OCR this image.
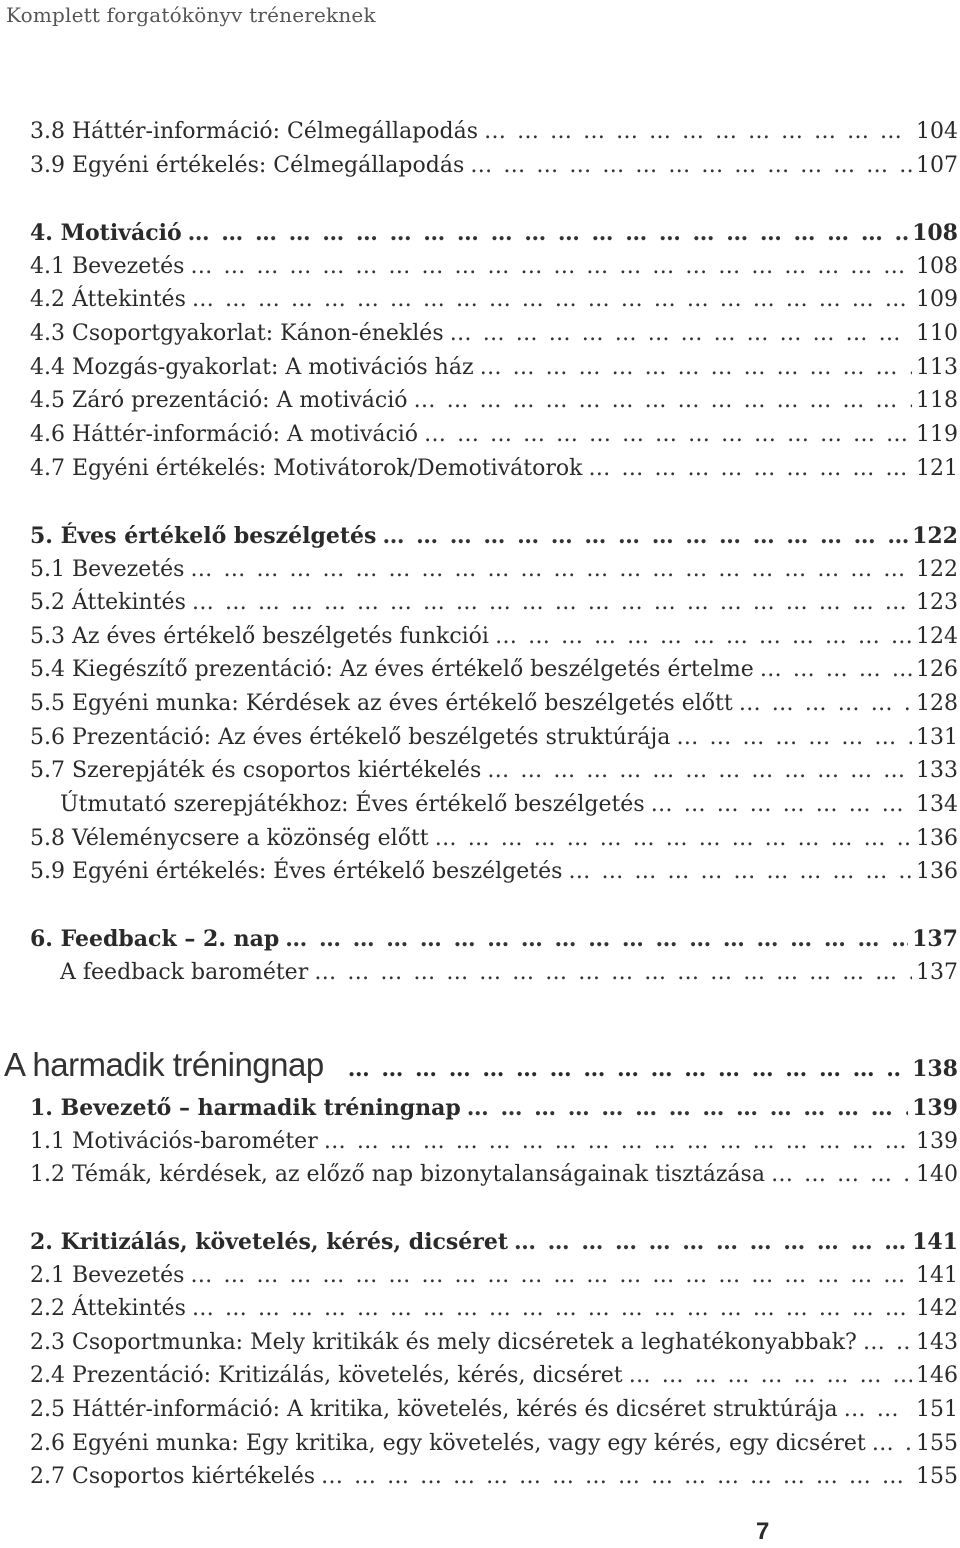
Komplett forgatókönyv trénereknek
3.8 Háttér-információ: Célmegállapodás … … … … … … … … … … … … … … … … … … … … … … … … … … … … … … … … … … … … … … … … … … … … …	104
3.9 Egyéni értékelés: Célmegállapodás … … … … … … … … … … … … … … … … … … … … … … … … … … … … … … … … … … … … … … … … … … … … …	107
4. Motiváció … … … … … … … … … … … … … … … … … … … … … … … … … … … … … … … … … … … … … … … … … … … … …	108
4.1 Bevezetés … … … … … … … … … … … … … … … … … … … … … … … … … … … … … … … … … … … … … … … … … … … … …	108
4.2 Áttekintés … … … … … … … … … … … … … … … … … … … … … … … … … … … … … … … … … … … … … … … … … … … … …	109
4.3 Csoportgyakorlat: Kánon-éneklés … … … … … … … … … … … … … … … … … … … … … … … … … … … … … … … … … … … … … … … … … … … … …	110
4.4 Mozgás-gyakorlat: A motivációs ház … … … … … … … … … … … … … … … … … … … … … … … … … … … … … … … … … … … … … … … … … … … … …	113
4.5 Záró prezentáció: A motiváció … … … … … … … … … … … … … … … … … … … … … … … … … … … … … … … … … … … … … … … … … … … … …	118
4.6 Háttér-információ: A motiváció … … … … … … … … … … … … … … … … … … … … … … … … … … … … … … … … … … … … … … … … … … … … …	119
4.7 Egyéni értékelés: Motivátorok/Demotivátorok … … … … … … … … … … … … … … … … … … … … … … … … … … … … … … … … … … … … … … … … … … … … …	121
5. Éves értékelő beszélgetés … … … … … … … … … … … … … … … … … … … … … … … … … … … … … … … … … … … … … … … … … … … … …	122
5.1 Bevezetés … … … … … … … … … … … … … … … … … … … … … … … … … … … … … … … … … … … … … … … … … … … … …	122
5.2 Áttekintés … … … … … … … … … … … … … … … … … … … … … … … … … … … … … … … … … … … … … … … … … … … … …	123
5.3 Az éves értékelő beszélgetés funkciói … … … … … … … … … … … … … … … … … … … … … … … … … … … … … … … … … … … … … … … … … … … … …	124
5.4 Kiegészítő prezentáció: Az éves értékelő beszélgetés értelme … … … … … … … … … … … … … … … … … … … … … … … … … … … … … … … … … … … … … … … … … … … … …	126
5.5 Egyéni munka: Kérdések az éves értékelő beszélgetés előtt … … … … … … … … … … … … … … … … … … … … … … … … … … … … … … … … … … … … … … … … … … … … …	128
5.6 Prezentáció: Az éves értékelő beszélgetés struktúrája … … … … … … … … … … … … … … … … … … … … … … … … … … … … … … … … … … … … … … … … … … … … …	131
5.7 Szerepjáték és csoportos kiértékelés … … … … … … … … … … … … … … … … … … … … … … … … … … … … … … … … … … … … … … … … … … … … …	133
Útmutató szerepjátékhoz: Éves értékelő beszélgetés … … … … … … … … … … … … … … … … … … … … … … … … … … … … … … … … … … … … … … … … … … … … …	134
5.8 Véleménycsere a közönség előtt … … … … … … … … … … … … … … … … … … … … … … … … … … … … … … … … … … … … … … … … … … … … …	136
5.9 Egyéni értékelés: Éves értékelő beszélgetés … … … … … … … … … … … … … … … … … … … … … … … … … … … … … … … … … … … … … … … … … … … … …	136
6. Feedback – 2. nap … … … … … … … … … … … … … … … … … … … … … … … … … … … … … … … … … … … … … … … … … … … … …	137
A feedback barométer … … … … … … … … … … … … … … … … … … … … … … … … … … … … … … … … … … … … … … … … … … … … …	137
A harmadik tréningnap … … … … … … … … … … … … … … … … … … … … … … … … … … … … … … … …	138
1. Bevezető – harmadik tréningnap … … … … … … … … … … … … … … … … … … … … … … … … … … … … … … … … … … … … … … … … … … … … …	139
1.1 Motivációs-barométer … … … … … … … … … … … … … … … … … … … … … … … … … … … … … … … … … … … … … … … … … … … … …	139
1.2 Témák, kérdések, az előző nap bizonytalanságainak tisztázása … … … … … … … … … … … … … … … … … … … … … … … … … … … … … … … … … … … … … … … … … … … … …	140
2. Kritizálás, követelés, kérés, dicséret … … … … … … … … … … … … … … … … … … … … … … … … … … … … … … … … … … … … … … … … … … … … …	141
2.1 Bevezetés … … … … … … … … … … … … … … … … … … … … … … … … … … … … … … … … … … … … … … … … … … … … …	141
2.2 Áttekintés … … … … … … … … … … … … … … … … … … … … … … … … … … … … … … … … … … … … … … … … … … … … …	142
2.3 Csoportmunka: Mely kritikák és mely dicséretek a leghatékonyabbak? … … … … … … … … … … … … … … … … … … … … … … … … … … … … … … … … … … … … … … … … … … … … …	143
2.4 Prezentáció: Kritizálás, követelés, kérés, dicséret … … … … … … … … … … … … … … … … … … … … … … … … … … … … … … … … … … … … … … … … … … … … …	146
2.5 Háttér-információ: A kritika, követelés, kérés és dicséret struktúrája … … … … … … … … … … … … … … … … … … … … … … … … … … … … … … … … … … … … … … … … … … … … …	151
2.6 Egyéni munka: Egy kritika, egy követelés, vagy egy kérés, egy dicséret … … … … … … … … … … … … … … … … … … … … … … … … … … … … … … … … … … … … … … … … … … … … … 155
2.7 Csoportos kiértékelés … … … … … … … … … … … … … … … … … … … … … … … … … … … … … … … … … … … … … … … … … … … … …	155
7
